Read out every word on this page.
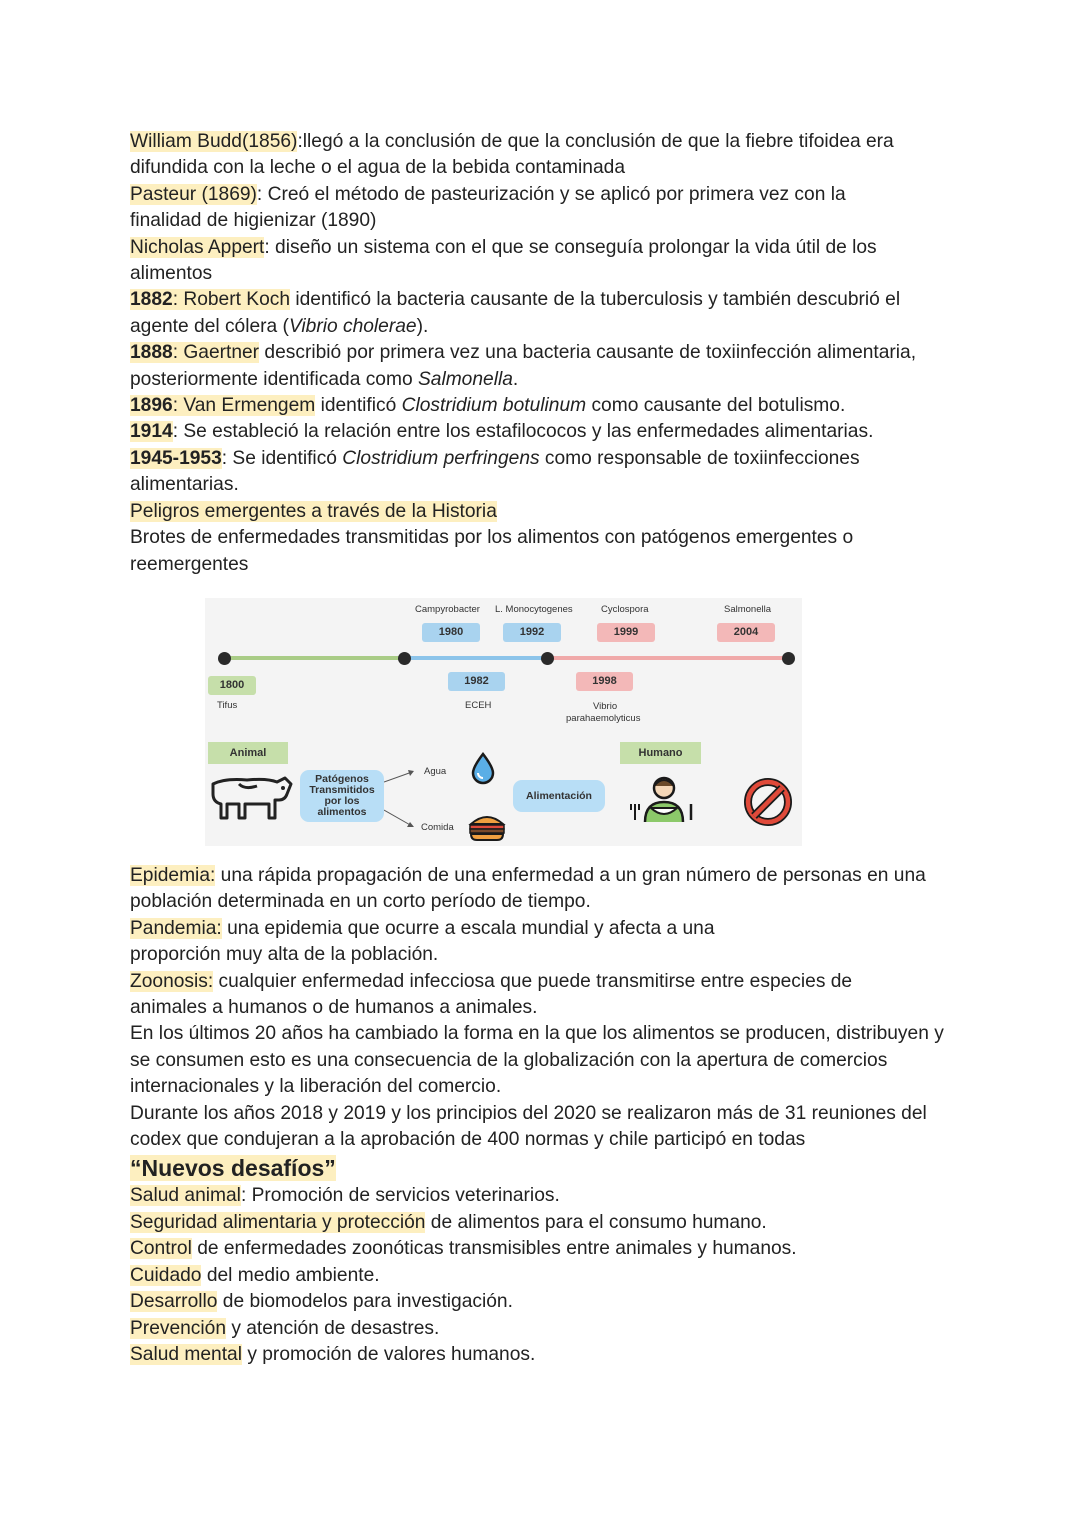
William Budd(1856):llegó a la conclusión de que la conclusión de que la fiebre tifoidea era difundida con la leche o el agua de la bebida contaminada

Pasteur (1869): Creó el método de pasteurización y se aplicó por primera vez con la finalidad de higienizar (1890)

Nicholas Appert: diseño un sistema con el que se conseguía prolongar la vida útil de los alimentos

1882: Robert Koch identificó la bacteria causante de la tuberculosis y también descubrió el agente del cólera (Vibrio cholerae).

1888: Gaertner describió por primera vez una bacteria causante de toxiinfección alimentaria, posteriormente identificada como Salmonella.

1896: Van Ermengem identificó Clostridium botulinum como causante del botulismo.

1914: Se estableció la relación entre los estafilococos y las enfermedades alimentarias.

1945-1953: Se identificó Clostridium perfringens como responsable de toxiinfecciones alimentarias.

Peligros emergentes a través de la Historia

Brotes de enfermedades transmitidas por los alimentos con patógenos emergentes o reemergentes

Campyrobacter L. Monocytogenes	Cyclospora	Salmonella
1980	1992	1999	2004
1800	1982	1998
Tifus	ECEH	Vibrio
parahaemolyticus
Animal	Humano
Patógenos
Transmitidos
por los
alimentos
Agua
Comida
Alimentación

Epidemia: una rápida propagación de una enfermedad a un gran número de personas en una población determinada en un corto período de tiempo.

Pandemia: una epidemia que ocurre a escala mundial y afecta a una proporción muy alta de la población.

Zoonosis: cualquier enfermedad infecciosa que puede transmitirse entre especies de animales a humanos o de humanos a animales.

En los últimos 20 años ha cambiado la forma en la que los alimentos se producen, distribuyen y se consumen esto es una consecuencia de la globalización con la apertura de comercios internacionales y la liberación del comercio.

Durante los años 2018 y 2019 y los principios del 2020 se realizaron más de 31 reuniones del codex que condujeran a la aprobación de 400 normas y chile participó en todas

“Nuevos desafíos”

Salud animal: Promoción de servicios veterinarios.

Seguridad alimentaria y protección de alimentos para el consumo humano.

Control de enfermedades zoonóticas transmisibles entre animales y humanos.

Cuidado del medio ambiente.

Desarrollo de biomodelos para investigación.

Prevención y atención de desastres.

Salud mental y promoción de valores humanos.
